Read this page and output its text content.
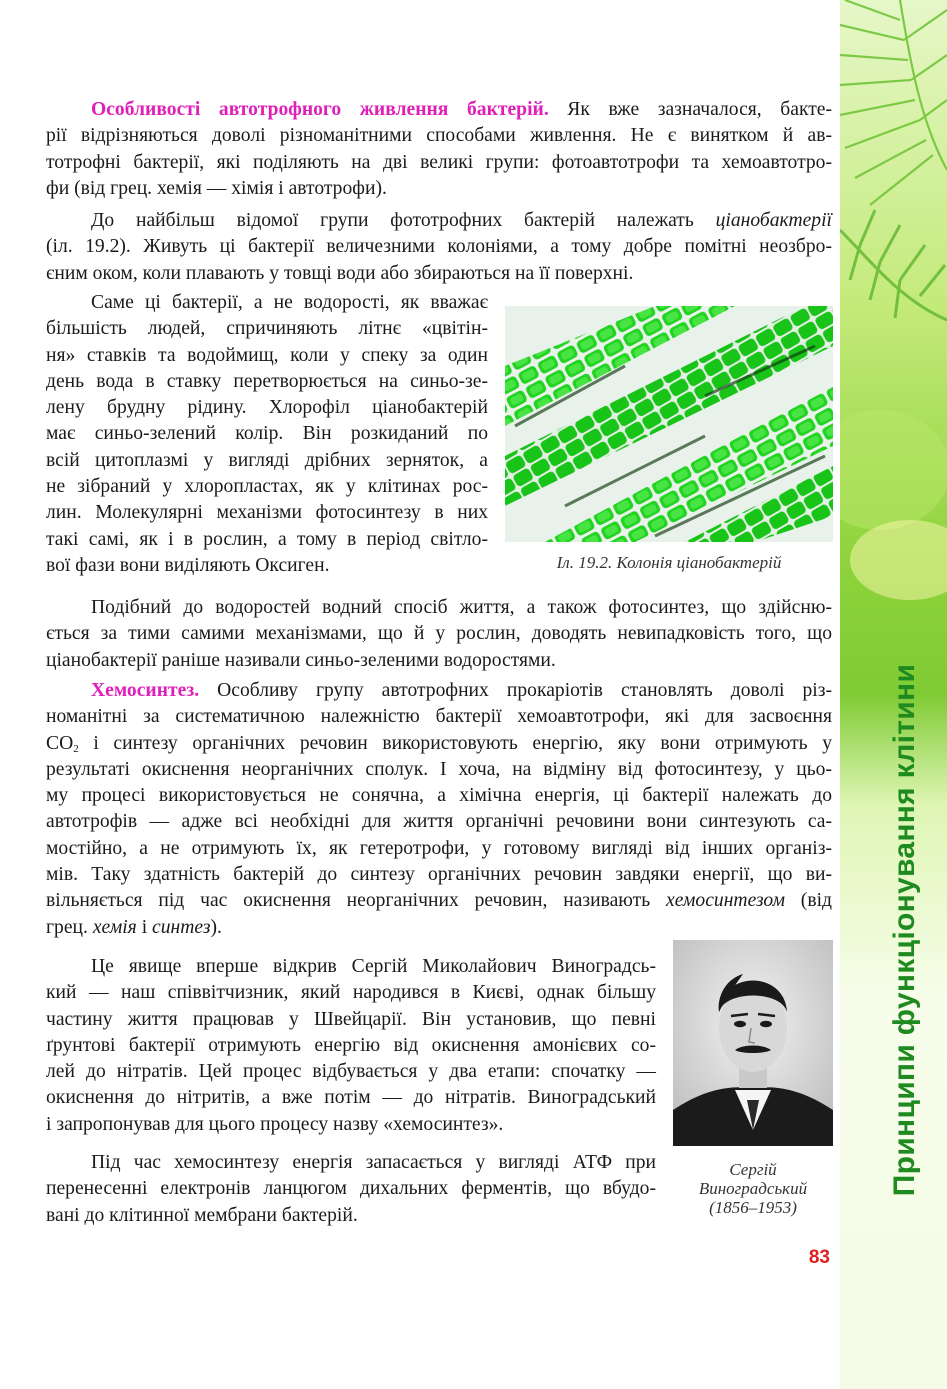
Принципи функціонування клітини
Особливості автотрофного живлення бактерій. Як вже зазначалося, бакте-
рії відрізняються доволі різноманітними способами живлення. Не є винятком й ав-
тотрофні бактерії, які поділяють на дві великі групи: фотоавтотрофи та хемоавтотро-
фи (від грец. хемія — хімія і автотрофи).
До найбільш відомої групи фототрофних бактерій належать ціанобактерії
(іл. 19.2). Живуть ці бактерії величезними колоніями, а тому добре помітні неозбро-
єним оком, коли плавають у товщі води або збираються на її поверхні.
Саме ці бактерії, а не водорості, як вважає
більшість людей, спричиняють літнє «цвітін-
ня» ставків та водоймищ, коли у спеку за один
день вода в ставку перетворюється на синьо-зе-
лену брудну рідину. Хлорофіл ціанобактерій
має синьо-зелений колір. Він розкиданий по
всій цитоплазмі у вигляді дрібних зерняток, а
не зібраний у хлоропластах, як у клітинах рос-
лин. Молекулярні механізми фотосинтезу в них
такі самі, як і в рослин, а тому в період світло-
вої фази вони виділяють Оксиген.	Іл. 19.2. Колонія ціанобактерій
Подібний до водоростей водний спосіб життя, а також фотосинтез, що здійсню-
ється за тими самими механізмами, що й у рослин, доводять невипадковість того, що
ціанобактерії раніше називали синьо-зеленими водоростями.
Хемосинтез. Особливу групу автотрофних прокаріотів становлять доволі різ-
номанітні за систематичною належністю бактерії хемоавтотрофи, які для засвоєння
$CO_2$ і синтезу органічних речовин використовують енергію, яку вони отримують у
результаті окиснення неорганічних сполук. І хоча, на відміну від фотосинтезу, у цьо-
му процесі використовується не сонячна, а хімічна енергія, ці бактерії належать до
автотрофів — адже всі необхідні для життя органічні речовини вони синтезують са-
мостійно, а не отримують їх, як гетеротрофи, у готовому вигляді від інших організ-
мів. Таку здатність бактерій до синтезу органічних речовин завдяки енергії, що ви-
вільняється під час окиснення неорганічних речовин, називають хемосинтезом (від
грец. хемія і синтез).
Це явище вперше відкрив Сергій Миколайович Виноградсь-
кий — наш співвітчизник, який народився в Києві, однак більшу
частину життя працював у Швейцарії. Він установив, що певні
ґрунтові бактерії отримують енергію від окиснення амонієвих со-
лей до нітратів. Цей процес відбувається у два етапи: спочатку —
окиснення до нітритів, а вже потім — до нітратів. Виноградський
і запропонував для цього процесу назву «хемосинтез».
Під час хемосинтезу енергія запасається у вигляді АТФ при
перенесенні електронів ланцюгом дихальних ферментів, що вбудо-
вані до клітинної мембрани бактерій.
Сергій
Виноградський
(1856–1953)
83
